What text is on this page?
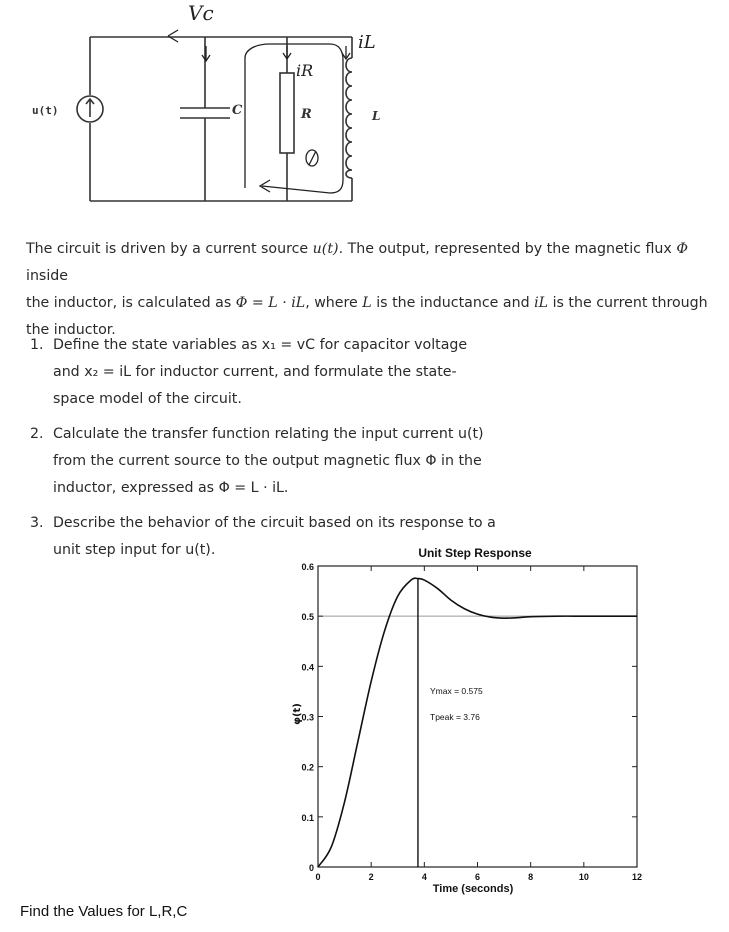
u(t)	C	R	L
Vc
iR
iL
The circuit is driven by a current source u(t). The output, represented by the magnetic flux Φ inside
the inductor, is calculated as Φ = L · iL, where L is the inductance and iL is the current through
the inductor.
1. Define the state variables as x₁ = vC for capacitor voltage
and x₂ = iL for inductor current, and formulate the state-
space model of the circuit.
2. Calculate the transfer function relating the input current u(t)
from the current source to the output magnetic flux Φ in the
inductor, expressed as Φ = L · iL.
3. Describe the behavior of the circuit based on its response to a
unit step input for u(t).	Unit Step Response
0
0.1
0.2
0.3
0.4
0.5
0.6
0	2	4	6	8	10	12
Ymax = 0.575
Tpeak = 3.76
Time (seconds)
φ(t)
Find the Values for L,R,C
